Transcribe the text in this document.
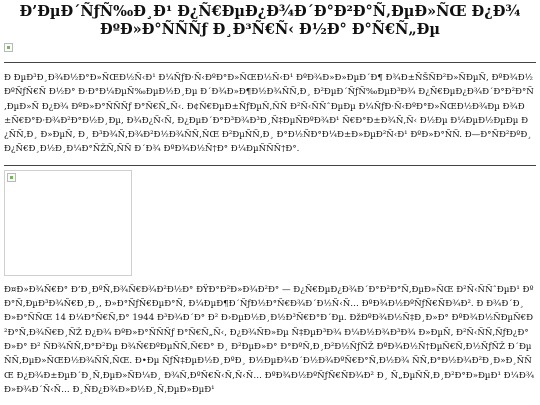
Ð’ÐµÐ´ÑƒÑ‰Ð¸Ð¹ Ð¿Ñ€ÐµÐ¿Ð¾Ð´Ð°Ð²Ð°Ñ‚ÐµÐ»ÑŒ Ð¿Ð¾ ÐºÐ»Ð°ÑÑÑƒ Ð¸Ð³Ñ€Ñ‹ Ð½Ð° Ð°Ñ€Ñ„Ðµ

Ð ÐµÐ³Ð¸Ð¾Ð½Ð°Ð»ÑŒÐ½Ñ‹Ð¹ Ð¼ÑƒÐ·Ñ‹ÐºÐ°Ð»ÑŒÐ½Ñ‹Ð¹ ÐºÐ¾Ð»Ð»ÐµÐ´Ð¶ Ð¾Ð±ÑŠÑÐ²Ð»ÑÐµÑ‚ ÐºÐ¾Ð½ÐºÑƒÑ€Ñ Ð½Ð° Ð·Ð°Ð¼ÐµÑ‰ÐµÐ½Ð¸Ðµ Ð´Ð¾Ð»Ð¶Ð½Ð¾ÑÑ‚Ð¸ Ð²ÐµÐ´ÑƒÑ‰ÐµÐ³Ð¾ Ð¿Ñ€ÐµÐ¿Ð¾Ð´Ð°Ð²Ð°Ñ‚ÐµÐ»Ñ Ð¿Ð¾ ÐºÐ»Ð°ÑÑÑƒ Ð°Ñ€Ñ„Ñ‹. Ð¢Ñ€ÐµÐ±ÑƒÐµÑ‚ÑÑ Ð²Ñ‹ÑÑˆÐµÐµ Ð¼ÑƒÐ·Ñ‹ÐºÐ°Ð»ÑŒÐ½Ð¾Ðµ Ð¾Ð±Ñ€Ð°Ð·Ð¾Ð²Ð°Ð½Ð¸Ðµ, Ð¾Ð¿Ñ‹Ñ‚ Ð¿ÐµÐ´Ð°Ð³Ð¾Ð³Ð¸Ñ‡ÐµÑÐºÐ¾Ð¹ Ñ€Ð°Ð±Ð¾Ñ‚Ñ‹ Ð½Ðµ Ð¼ÐµÐ½ÐµÐµ Ð¿ÑÑ‚Ð¸ Ð»ÐµÑ‚ Ð¸ Ð³Ð¾Ñ‚Ð¾Ð²Ð½Ð¾ÑÑ‚ÑŒ Ð²ÐµÑÑ‚Ð¸ Ð°Ð½ÑÐ°Ð¼Ð±Ð»ÐµÐ²Ñ‹Ð¹ ÐºÐ»Ð°ÑÑ. Ð—Ð°ÑÐ²ÐºÐ¸ Ð¿Ñ€Ð¸Ð½Ð¸Ð¼Ð°ÑŽÑ‚ÑÑ Ð´Ð¾ ÐºÐ¾Ð½Ñ†Ð° Ð¼ÐµÑÑÑ†Ð°.

Ð¤Ð»Ð¾Ñ€Ð° Ð’Ð¸ÐºÑ‚Ð¾Ñ€Ð¾Ð²Ð½Ð° ÐŸÐ°Ð²Ð»Ð¾Ð²Ð° — Ð¿Ñ€ÐµÐ¿Ð¾Ð´Ð°Ð²Ð°Ñ‚ÐµÐ»ÑŒ Ð²Ñ‹ÑÑˆÐµÐ¹ ÐºÐ°Ñ‚ÐµÐ³Ð¾Ñ€Ð¸Ð¸, Ð»Ð°ÑƒÑ€ÐµÐ°Ñ‚ Ð¼ÐµÐ¶Ð´ÑƒÐ½Ð°Ñ€Ð¾Ð´Ð½Ñ‹Ñ… ÐºÐ¾Ð½ÐºÑƒÑ€ÑÐ¾Ð². Ð Ð¾Ð´Ð¸Ð»Ð°ÑÑŒ 14 Ð¼Ð°Ñ€Ñ‚Ð° 1944 Ð³Ð¾Ð´Ð° Ð² Ð›ÐµÐ½Ð¸Ð½Ð³Ñ€Ð°Ð´Ðµ. ÐžÐºÐ¾Ð½Ñ‡Ð¸Ð»Ð° ÐºÐ¾Ð½ÑÐµÑ€Ð²Ð°Ñ‚Ð¾Ñ€Ð¸ÑŽ Ð¿Ð¾ ÐºÐ»Ð°ÑÑÑƒ Ð°Ñ€Ñ„Ñ‹, Ð¿Ð¾ÑÐ»Ðµ Ñ‡ÐµÐ³Ð¾ Ð¼Ð½Ð¾Ð³Ð¾ Ð»ÐµÑ‚ Ð²Ñ‹ÑÑ‚ÑƒÐ¿Ð°Ð»Ð° Ð² ÑÐ¾ÑÑ‚Ð°Ð²Ðµ Ð¾Ñ€ÐºÐµÑÑ‚Ñ€Ð° Ð¸ Ð²ÐµÐ»Ð° Ð°ÐºÑ‚Ð¸Ð²Ð½ÑƒÑŽ ÐºÐ¾Ð½Ñ†ÐµÑ€Ñ‚Ð½ÑƒÑŽ Ð´ÐµÑÑ‚ÐµÐ»ÑŒÐ½Ð¾ÑÑ‚ÑŒ. Ð•Ðµ ÑƒÑ‡ÐµÐ½Ð¸ÐºÐ¸ Ð½ÐµÐ¾Ð´Ð½Ð¾ÐºÑ€Ð°Ñ‚Ð½Ð¾ ÑÑ‚Ð°Ð½Ð¾Ð²Ð¸Ð»Ð¸ÑÑŒ Ð¿Ð¾Ð±ÐµÐ´Ð¸Ñ‚ÐµÐ»ÑÐ¼Ð¸ Ð¾Ñ‚ÐºÑ€Ñ‹Ñ‚Ñ‹Ñ… ÐºÐ¾Ð½ÐºÑƒÑ€ÑÐ¾Ð² Ð¸ Ñ„ÐµÑÑ‚Ð¸Ð²Ð°Ð»ÐµÐ¹ Ð¼Ð¾Ð»Ð¾Ð´Ñ‹Ñ… Ð¸ÑÐ¿Ð¾Ð»Ð½Ð¸Ñ‚ÐµÐ»ÐµÐ¹
